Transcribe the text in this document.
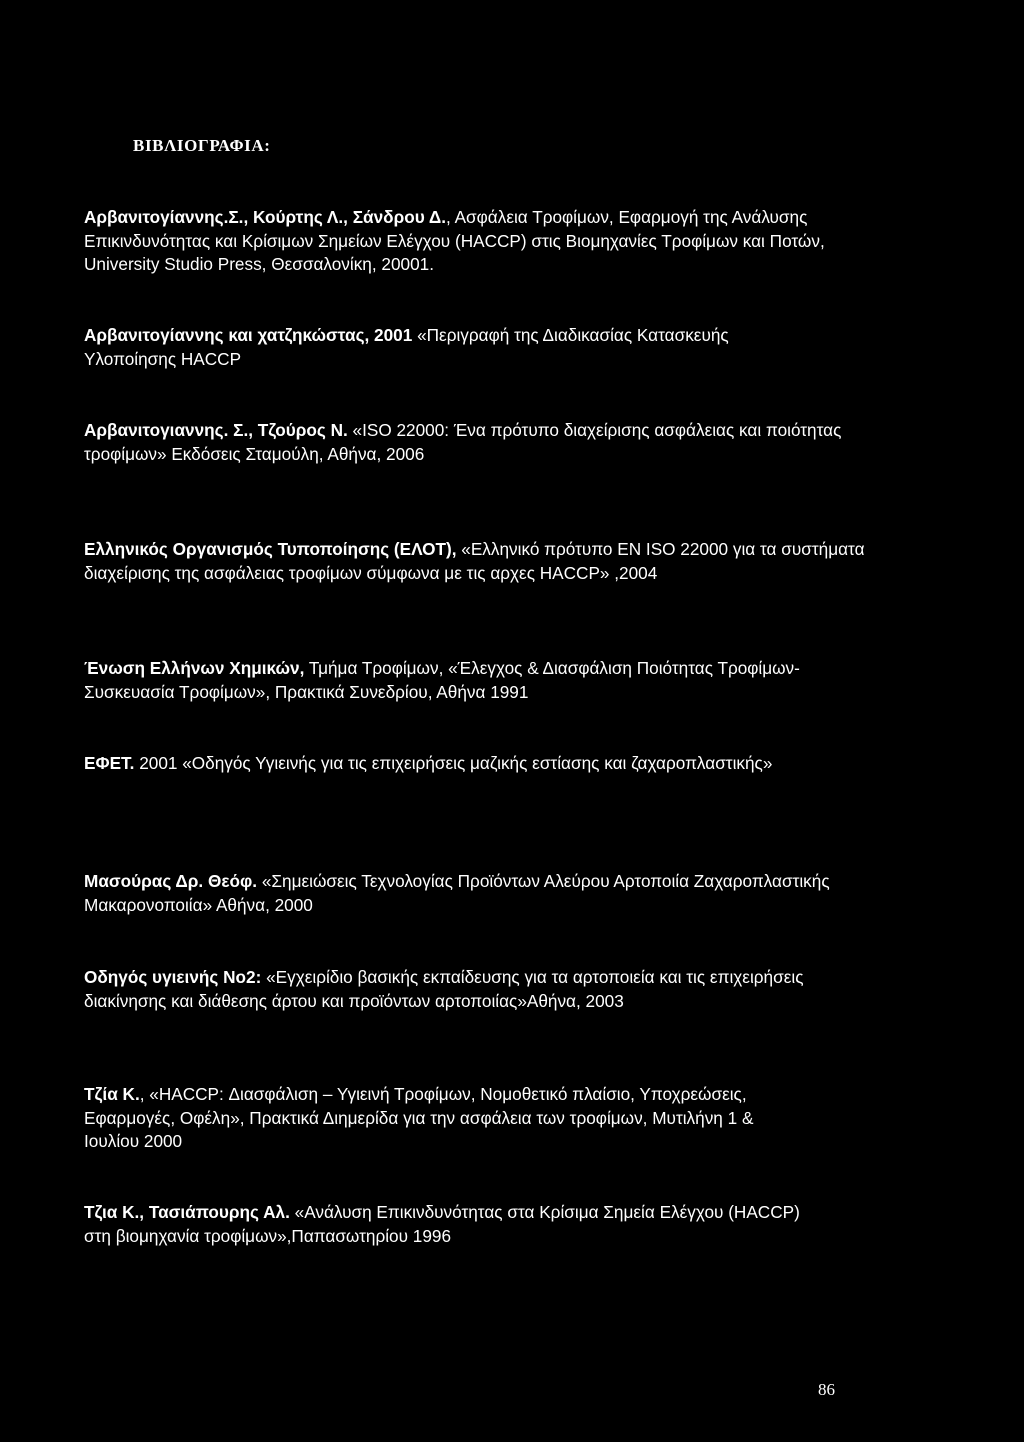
ΒΙΒΛΙΟΓΡΑΦΙΑ:

Αρβανιτογίαννης.Σ., Κούρτης Λ., Σάνδρου Δ., Ασφάλεια Τροφίμων, Εφαρμογή της Ανάλυσης Επικινδυνότητας και Κρίσιμων Σημείων Ελέγχου (HACCP) στις Βιομηχανίες Τροφίμων και Ποτών, University Studio Press, Θεσσαλονίκη, 20001.

Αρβανιτογίαννης και χατζηκώστας, 2001 «Περιγραφή της Διαδικασίας Κατασκευής Υλοποίησης HACCP

Αρβανιτογιαννης. Σ., Τζούρος Ν. «ISO 22000: Ένα πρότυπο διαχείρισης ασφάλειας και ποιότητας τροφίμων» Εκδόσεις Σταμούλη, Αθήνα, 2006

Ελληνικός Οργανισμός Τυποποίησης (ΕΛΟΤ), «Ελληνικό πρότυπο EN ISO 22000 για τα συστήματα διαχείρισης της ασφάλειας τροφίμων σύμφωνα με τις αρχες HACCP» ,2004

Ένωση Ελλήνων Χημικών, Τμήμα Τροφίμων, «Έλεγχος & Διασφάλιση Ποιότητας Τροφίμων- Συσκευασία Τροφίμων», Πρακτικά Συνεδρίου, Αθήνα 1991

ΕΦΕΤ. 2001 «Οδηγός Υγιεινής για τις επιχειρήσεις μαζικής εστίασης και ζαχαροπλαστικής»

Μασούρας Δρ. Θεόφ. «Σημειώσεις Τεχνολογίας Προϊόντων Αλεύρου Αρτοποιία Ζαχαροπλαστικής Μακαρονοποιία» Αθήνα, 2000

Οδηγός υγιεινής Νο2: «Εγχειρίδιο βασικής εκπαίδευσης για τα αρτοποιεία και τις επιχειρήσεις διακίνησης και διάθεσης άρτου και προϊόντων αρτοποιίας»Αθήνα, 2003

Τζία Κ., «HACCP: Διασφάλιση – Υγιεινή Τροφίμων, Νομοθετικό πλαίσιο, Υποχρεώσεις, Εφαρμογές, Οφέλη», Πρακτικά Διημερίδα για την ασφάλεια των τροφίμων, Μυτιλήνη 1 & Ιουλίου 2000

Τζια Κ., Τασιάπουρης Αλ. «Ανάλυση Επικινδυνότητας στα Κρίσιμα Σημεία Ελέγχου (HACCP) στη βιομηχανία τροφίμων»,Παπασωτηρίου 1996

86
